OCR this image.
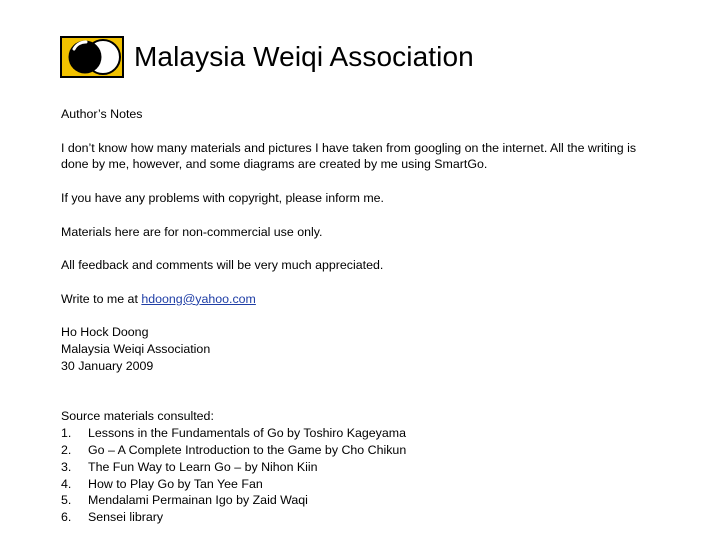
Malaysia Weiqi Association

Author’s Notes

I don’t know how many materials and pictures I have taken from googling on the internet. All the writing is done by me, however, and some diagrams are created by me using SmartGo.

If you have any problems with copyright, please inform me.

Materials here are for non-commercial use only.

All feedback and comments will be very much appreciated.

Write to me at hdoong@yahoo.com

Ho Hock Doong

Malaysia Weiqi Association

30 January 2009

Source materials consulted:

1.	Lessons in the Fundamentals of Go by Toshiro Kageyama
2.	Go – A Complete Introduction to the Game by Cho Chikun
3.	The Fun Way to Learn Go – by Nihon Kiin
4.	How to Play Go by Tan Yee Fan
5.	Mendalami Permainan Igo by Zaid Waqi
6.	Sensei library
